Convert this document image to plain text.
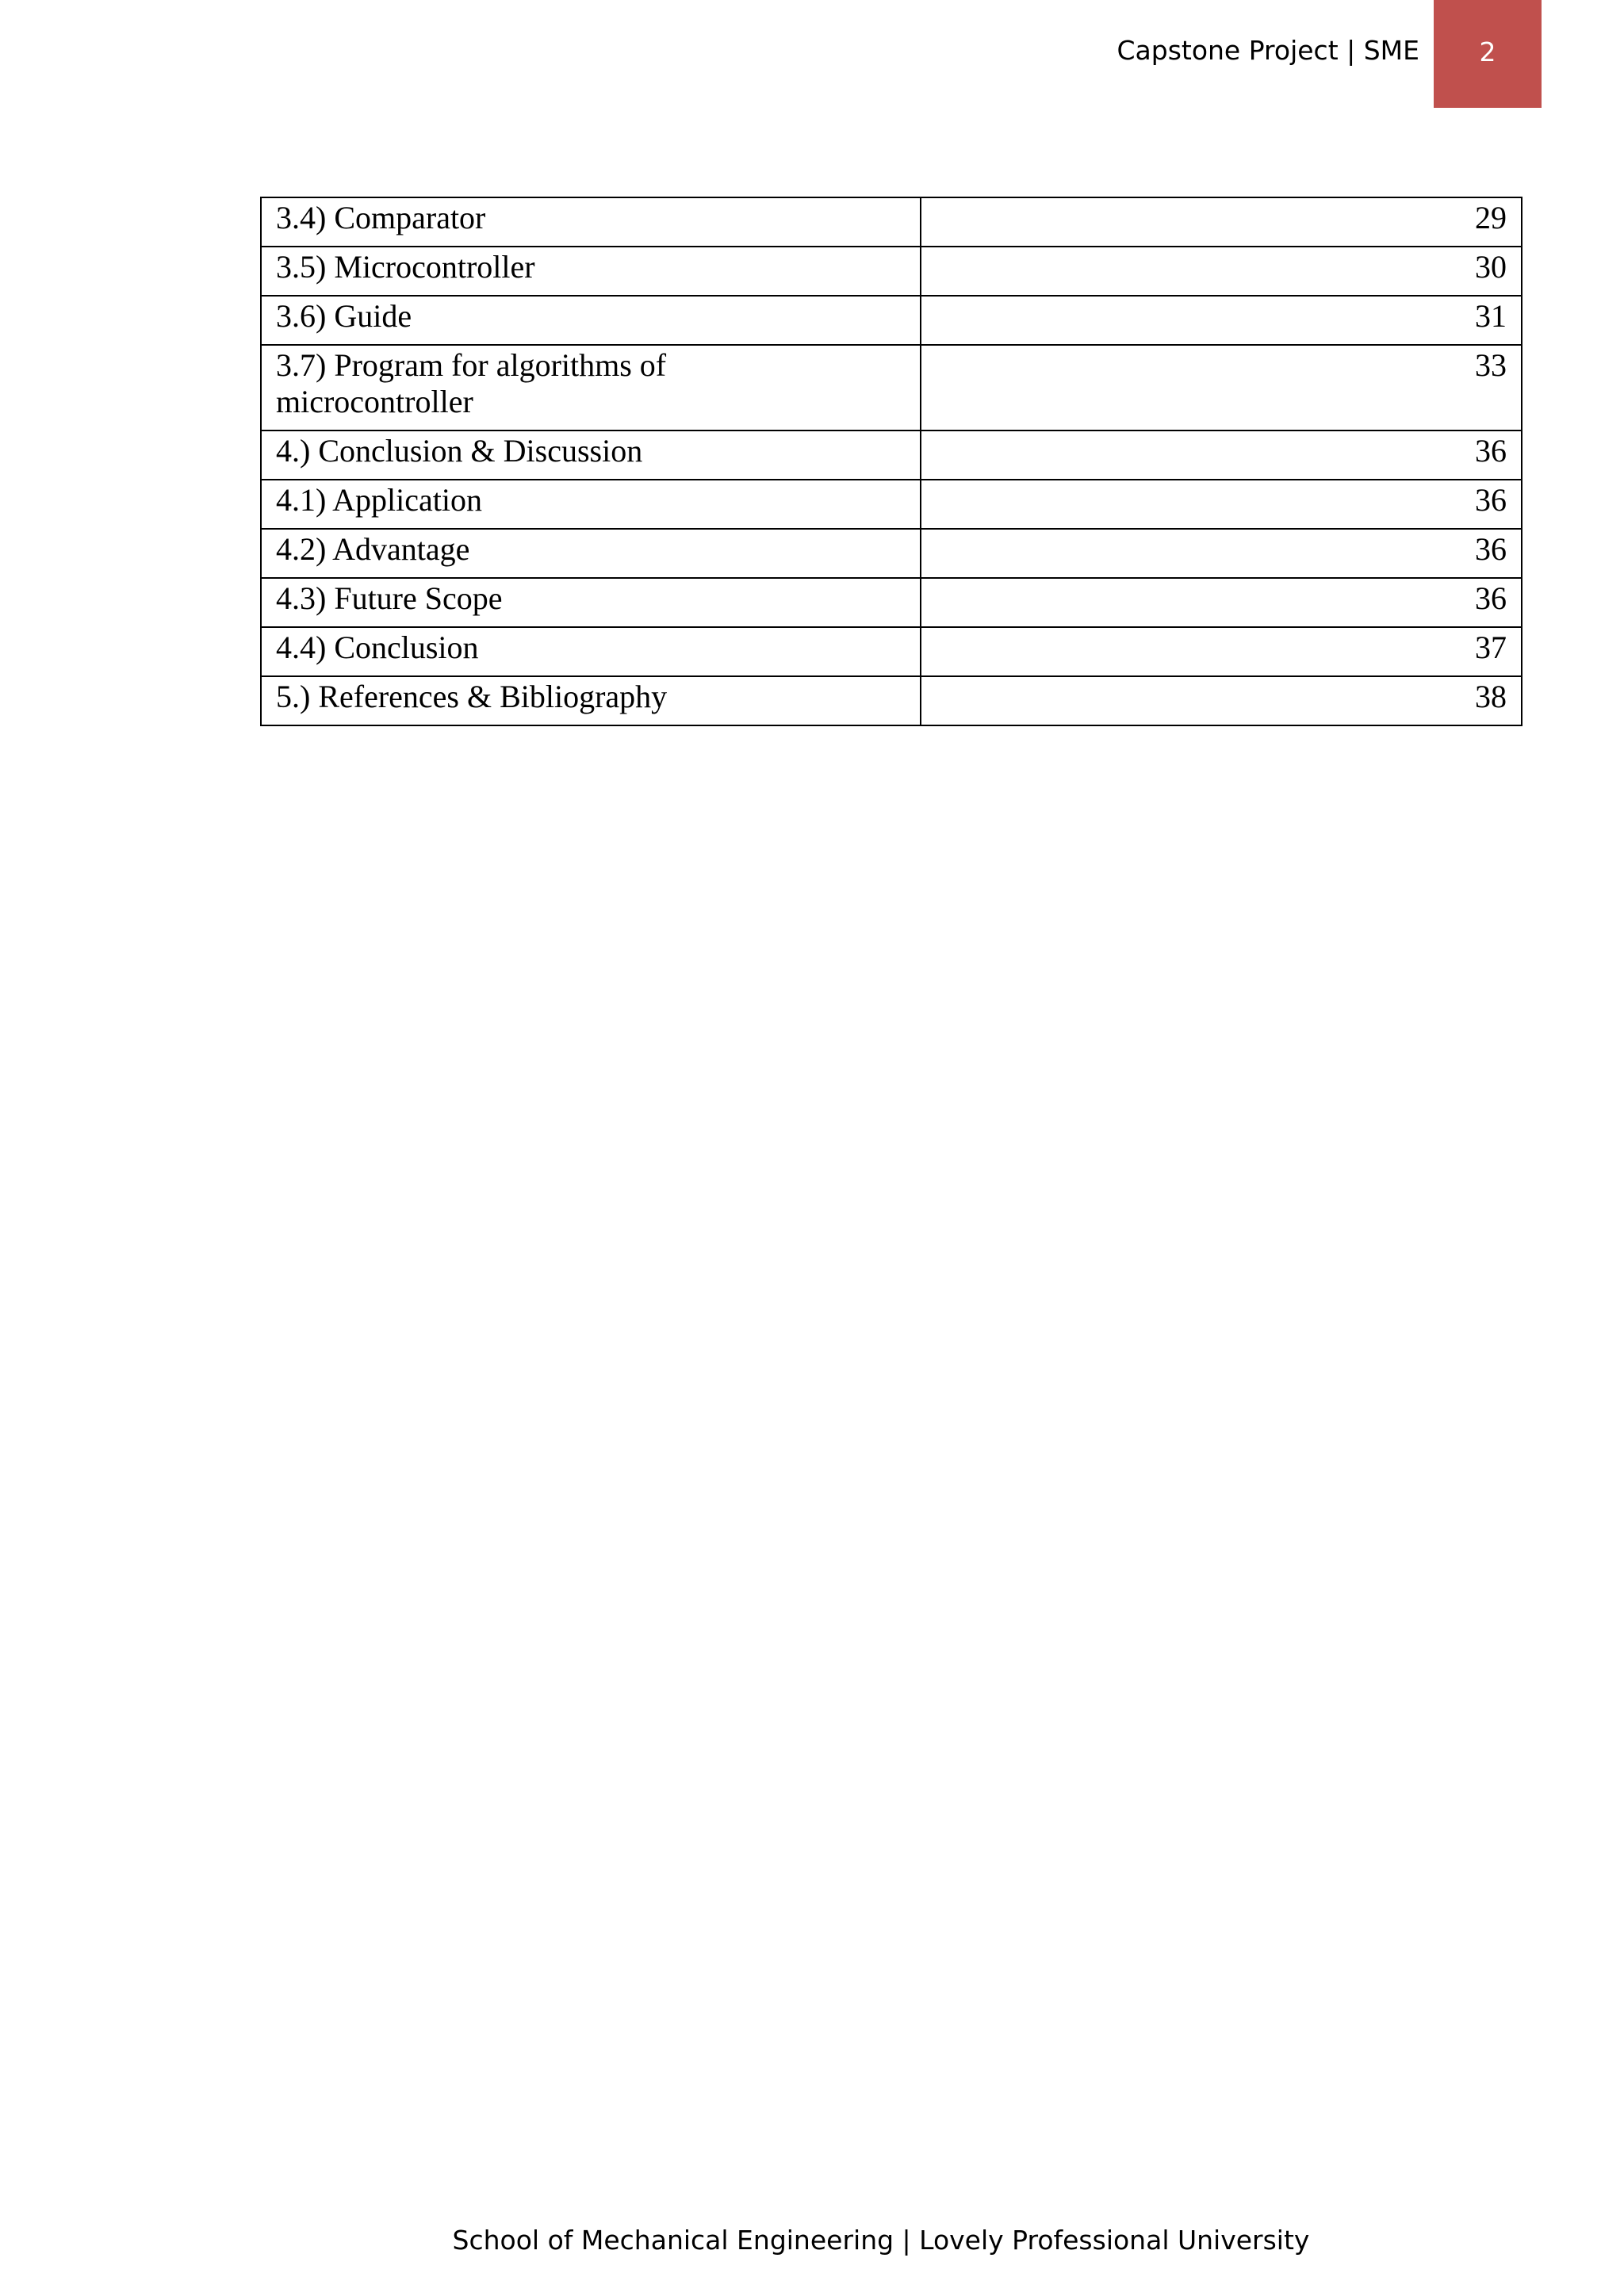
Capstone Project | SME 2
3.4) Comparator	29

3.5) Microcontroller	30

3.6) Guide	31

3.7) Program for algorithms of microcontroller	33

4.) Conclusion & Discussion	36

4.1) Application	36

4.2) Advantage	36

4.3) Future Scope	36

4.4) Conclusion	37

5.) References & Bibliography	38
School of Mechanical Engineering | Lovely Professional University
